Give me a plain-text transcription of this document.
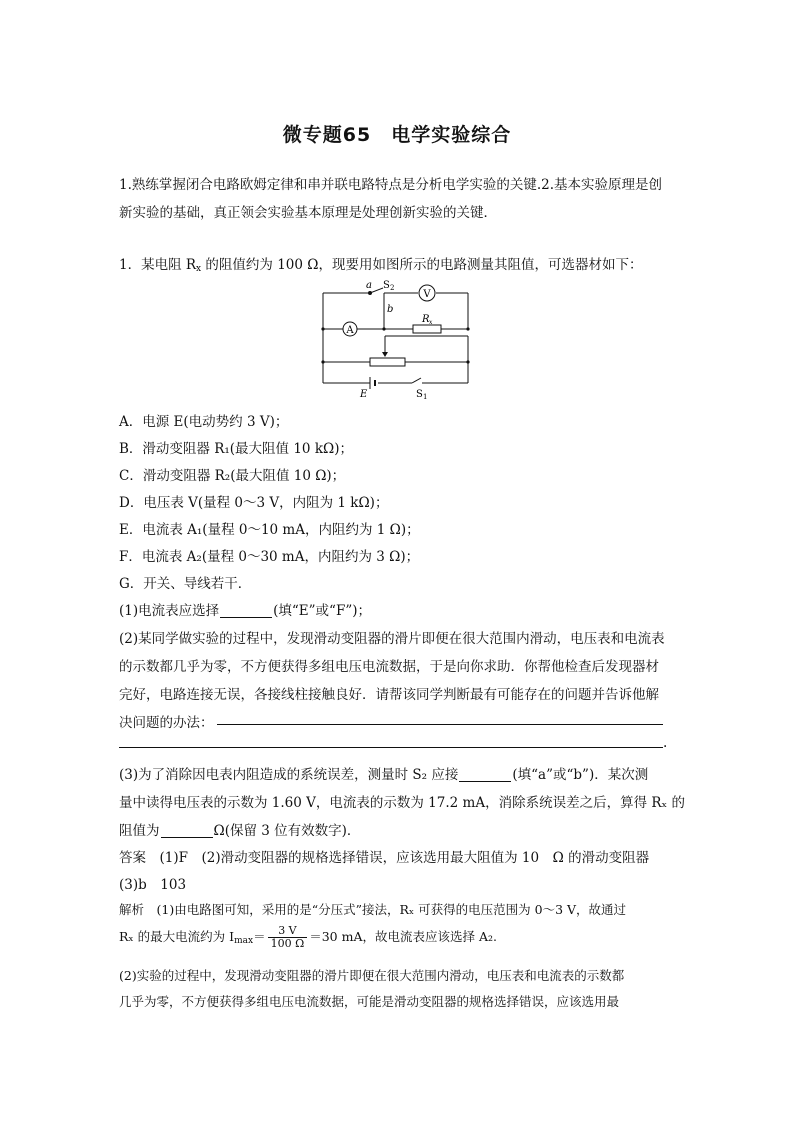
微专题65　电学实验综合
1.熟练掌握闭合电路欧姆定律和串并联电路特点是分析电学实验的关键.2.基本实验原理是创
新实验的基础，真正领会实验基本原理是处理创新实验的关键．
1．某电阻 $R_x$ 的阻值约为 100 Ω，现要用如图所示的电路测量其阻值，可选器材如下：
V
A
a S 2
b
R x
E	S 1
A．电源 E(电动势约 3 V)；
B．滑动变阻器 R₁(最大阻值 10 kΩ)；
C．滑动变阻器 R₂(最大阻值 10 Ω)；
D．电压表 V(量程 0～3 V，内阻为 1 kΩ)；
E．电流表 A₁(量程 0～10 mA，内阻约为 1 Ω)；
F．电流表 A₂(量程 0～30 mA，内阻约为 3 Ω)；
G．开关、导线若干．
(1)电流表应选择	(填“E”或“F”)；
(2)某同学做实验的过程中，发现滑动变阻器的滑片即便在很大范围内滑动，电压表和电流表
的示数都几乎为零，不方便获得多组电压电流数据，于是向你求助．你帮他检查后发现器材
完好，电路连接无误，各接线柱接触良好．请帮该同学判断最有可能存在的问题并告诉他解
决问题的办法：
.
(3)为了消除因电表内阻造成的系统误差，测量时 S₂ 应接	(填“a”或“b”)．某次测
量中读得电压表的示数为 1.60 V，电流表的示数为 17.2 mA，消除系统误差之后，算得 Rₓ 的
阻值为	Ω(保留 3 位有效数字)．
答案　(1)F　(2)滑动变阻器的规格选择错误，应该选用最大阻值为 10　Ω 的滑动变阻器
(3)b　103
解析　(1)由电路图可知，采用的是“分压式”接法，Rₓ 可获得的电压范围为 0～3 V，故通过
Rₓ 的最大电流约为 $I_{max}= \frac{3 V}{100 \Omega} =30$ mA，故电流表应该选择 A₂.
(2)实验的过程中，发现滑动变阻器的滑片即便在很大范围内滑动，电压表和电流表的示数都
几乎为零，不方便获得多组电压电流数据，可能是滑动变阻器的规格选择错误，应该选用最
